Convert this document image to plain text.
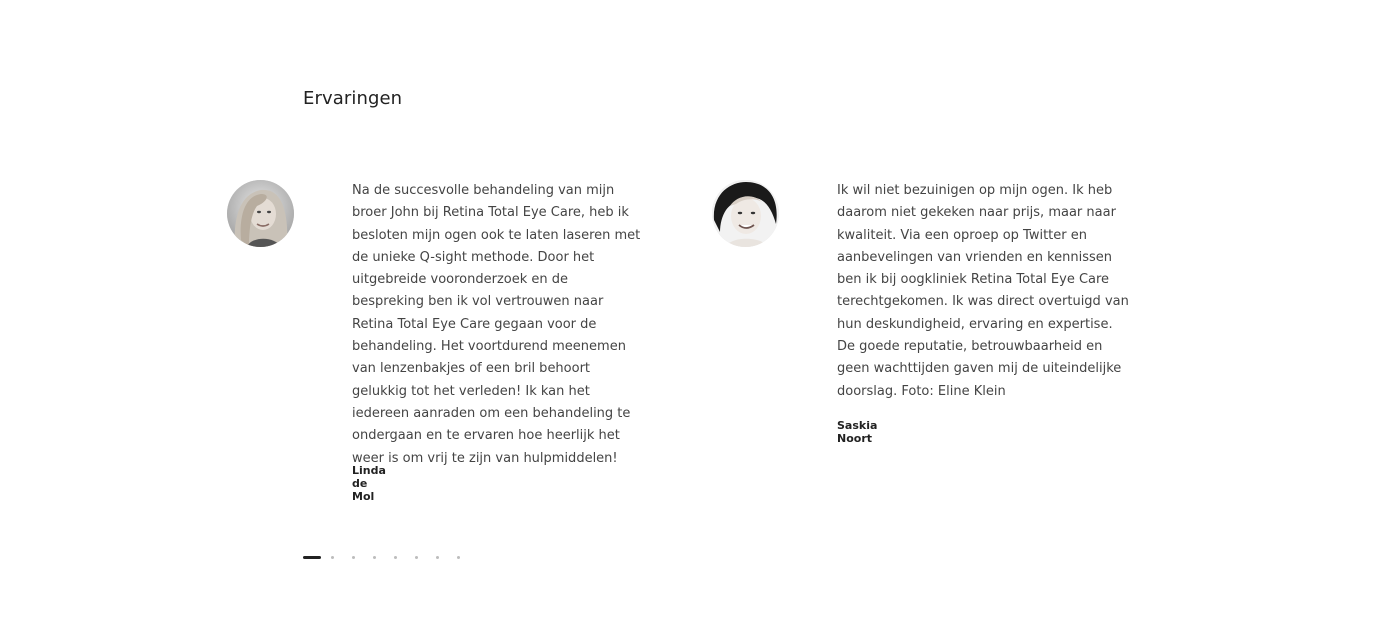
Ervaringen

Na de succesvolle behandeling van mijn broer John bij Retina Total Eye Care, heb ik besloten mijn ogen ook te laten laseren met de unieke Q-sight methode. Door het uitgebreide vooronderzoek en de bespreking ben ik vol vertrouwen naar Retina Total Eye Care gegaan voor de behandeling. Het voortdurend meenemen van lenzenbakjes of een bril behoort gelukkig tot het verleden! Ik kan het iedereen aanraden om een behandeling te ondergaan en te ervaren hoe heerlijk het weer is om vrij te zijn van hulpmiddelen!

Linda de Mol

Ik wil niet bezuinigen op mijn ogen. Ik heb daarom niet gekeken naar prijs, maar naar kwaliteit. Via een oproep op Twitter en aanbevelingen van vrienden en kennissen ben ik bij oogkliniek Retina Total Eye Care terechtgekomen. Ik was direct overtuigd van hun deskundigheid, ervaring en expertise. De goede reputatie, betrouwbaarheid en geen wachttijden gaven mij de uiteindelijke doorslag. Foto: Eline Klein

Saskia Noort
